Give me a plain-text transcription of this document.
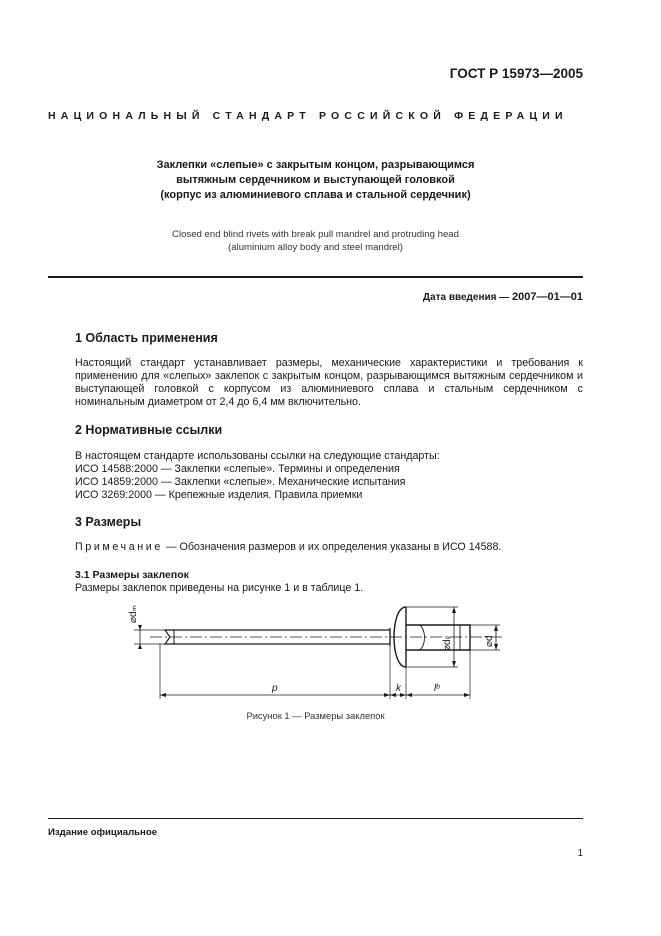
ГОСТ Р 15973—2005
НАЦИОНАЛЬНЫЙ СТАНДАРТ РОССИЙСКОЙ ФЕДЕРАЦИИ
Заклепки «слепые» с закрытым концом, разрывающимся
вытяжным сердечником и выступающей головкой
(корпус из алюминиевого сплава и стальной сердечник)
Closed end blind rivets with break pull mandrel and protruding head
(aluminium alloy body and steel mandrel)
Дата введения — 2007—01—01
1 Область применения
Настоящий стандарт устанавливает размеры, механические характеристики и требования к применению для «слепых» заклепок с закрытым концом, разрывающимся вытяжным сердечником и выступающей головкой с корпусом из алюминиевого сплава и стальным сердечником с номинальным диаметром от 2,4 до 6,4 мм включительно.
2 Нормативные ссылки
В настоящем стандарте использованы ссылки на следующие стандарты:
ИСО 14588:2000 — Заклепки «слепые». Термины и определения
ИСО 14859:2000 — Заклепки «слепые». Механические испытания
ИСО 3269:2000 — Крепежные изделия. Правила приемки
3 Размеры
Примечание — Обозначения размеров и их определения указаны в ИСО 14588.
3.1 Размеры заклепок
Размеры заклепок приведены на рисунке 1 и в таблице 1.
⌀dₘ
⌀dₖ	⌀d
p	k	lᵇ
Рисунок 1 — Размеры заклепок
Издание официальное
1
